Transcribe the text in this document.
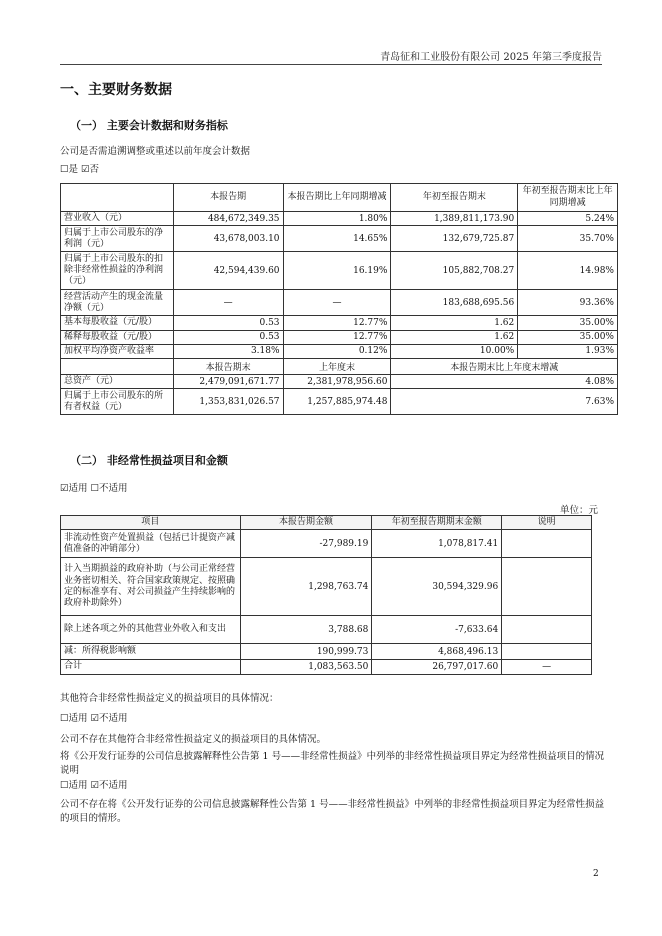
青岛征和工业股份有限公司 2025 年第三季度报告
一、主要财务数据
（一） 主要会计数据和财务指标
公司是否需追溯调整或重述以前年度会计数据
☐是 ☑否
	本报告期	本报告期比上年同期增减	年初至报告期末	年初至报告期末比上年同期增减
营业收入（元）	484,672,349.35	1.80%	1,389,811,173.90	5.24%
归属于上市公司股东的净利润（元）	43,678,003.10	14.65%	132,679,725.87	35.70%
归属于上市公司股东的扣除非经常性损益的净利润（元）	42,594,439.60	16.19%	105,882,708.27	14.98%
经营活动产生的现金流量净额（元）	—	—	183,688,695.56	93.36%
基本每股收益（元/股）	0.53	12.77%	1.62	35.00%
稀释每股收益（元/股）	0.53	12.77%	1.62	35.00%
加权平均净资产收益率	3.18%	0.12%	10.00%	1.93%
	本报告期末	上年度末	本报告期末比上年度末增减	
总资产（元）	2,479,091,671.77	2,381,978,956.60	4.08%	
归属于上市公司股东的所有者权益（元）	1,353,831,026.57	1,257,885,974.48	7.63%	
（二） 非经常性损益项目和金额
☑适用 ☐不适用
单位：元
项目	本报告期金额	年初至报告期期末金额	说明
非流动性资产处置损益（包括已计提资产减值准备的冲销部分）	-27,989.19	1,078,817.41	
计入当期损益的政府补助（与公司正常经营业务密切相关、符合国家政策规定、按照确定的标准享有、对公司损益产生持续影响的政府补助除外）	1,298,763.74	30,594,329.96	
除上述各项之外的其他营业外收入和支出	3,788.68	-7,633.64	
减：所得税影响额	190,999.73	4,868,496.13	
合计	1,083,563.50	26,797,017.60	—
其他符合非经常性损益定义的损益项目的具体情况：
☐适用 ☑不适用
公司不存在其他符合非经常性损益定义的损益项目的具体情况。
将《公开发行证券的公司信息披露解释性公告第 1 号——非经常性损益》中列举的非经常性损益项目界定为经常性损益项目的情况说明
☐适用 ☑不适用
公司不存在将《公开发行证券的公司信息披露解释性公告第 1 号——非经常性损益》中列举的非经常性损益项目界定为经常性损益的项目的情形。
2
